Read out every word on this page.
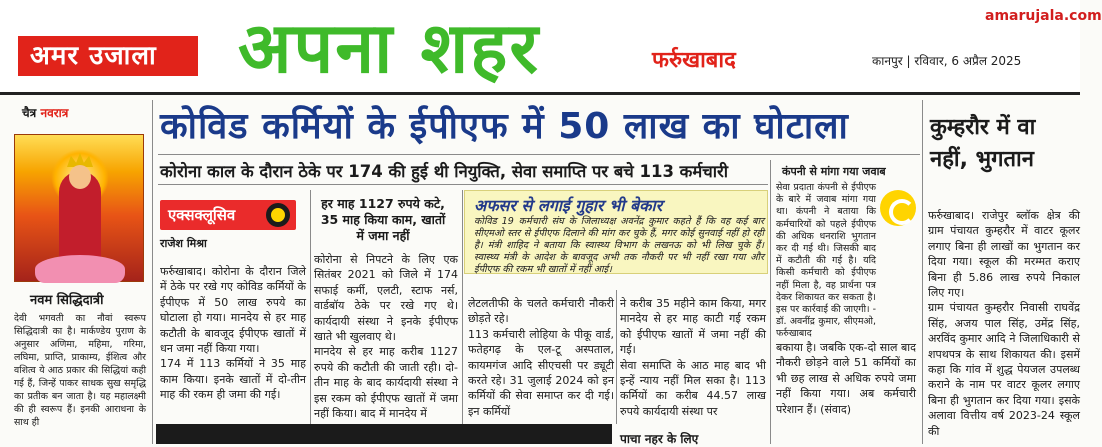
अमर उजाला	अपना शहर	फर्रुखाबाद
amarujala.com
कानपुर | रविवार, 6 अप्रैल 2025
चैत्र नवरात्र
नवम सिद्धिदात्री
देवी भगवती का नौवां स्वरूप सिद्धिदात्री का है। मार्कण्डेय पुराण के अनुसार अणिमा, महिमा, गरिमा, लघिमा, प्राप्ति, प्राकाम्य, ईशित्व और वशित्व ये आठ प्रकार की सिद्धियां कही गई हैं, जिन्हें पाकर साधक सुख समृद्धि का प्रतीक बन जाता है। यह महालक्ष्मी की ही स्वरूप हैं। इनकी आराधना के साथ ही
कोविड कर्मियों के ईपीएफ में 50 लाख का घोटाला
कोरोना काल के दौरान ठेके पर 174 की हुई थी नियुक्ति, सेवा समाप्ति पर बचे 113 कर्मचारी
एक्सक्लूसिव
राजेश मिश्रा
हर माह 1127 रुपये कटे, 35 माह किया काम, खातों में जमा नहीं
फर्रुखाबाद। कोरोना के दौरान जिले में ठेके पर रखे गए कोविड कर्मियों के ईपीएफ में 50 लाख रुपये का घोटाला हो गया। मानदेय से हर माह कटौती के बावजूद ईपीएफ खातों में धन जमा नहीं किया गया।
174 में 113 कर्मियों ने 35 माह काम किया। इनके खातों में दो-तीन माह की रकम ही जमा की गई।
कोरोना से निपटने के लिए एक सितंबर 2021 को जिले में 174 सफाई कर्मी, एलटी, स्टाफ नर्स, वार्डबॉय ठेके पर रखे गए थे। कार्यदायी संस्था ने इनके ईपीएफ खाते भी खुलवाए थे।
मानदेय से हर माह करीब 1127 रुपये की कटौती की जाती रही। दो-तीन माह के बाद कार्यदायी संस्था ने इस रकम को ईपीएफ खातों में जमा नहीं किया। बाद में मानदेय में
अफसर से लगाई गुहार भी बेकार
कोविड 19 कर्मचारी संघ के जिलाध्यक्ष अवनेंद्र कुमार कहते हैं कि वह कई बार सीएमओ स्तर से ईपीएफ दिलाने की मांग कर चुके हैं, मगर कोई सुनवाई नहीं हो रही है। मंत्री शाहिद ने बताया कि स्वास्थ्य विभाग के लखनऊ को भी लिख चुके हैं। स्वास्थ्य मंत्री के आदेश के बावजूद अभी तक नौकरी पर भी नहीं रखा गया और ईपीएफ की रकम भी खातों में नहीं आई।
लेटलतीफी के चलते कर्मचारी नौकरी छोड़ते रहे।
113 कर्मचारी लोहिया के पीकू वार्ड, फतेहगढ़ के एल-टू अस्पताल, कायमगंज आदि सीएचसी पर ड्यूटी करते रहे। 31 जुलाई 2024 को इन कर्मियों की सेवा समाप्त कर दी गई। इन कर्मियों
ने करीब 35 महीने काम किया, मगर मानदेय से हर माह काटी गई रकम को ईपीएफ खातों में जमा नहीं की गई।
सेवा समाप्ति के आठ माह बाद भी इन्हें न्याय नहीं मिल सका है। 113 कर्मियों का करीब 44.57 लाख रुपये कार्यदायी संस्था पर
कंपनी से मांगा गया जवाब
सेवा प्रदाता कंपनी से ईपीएफ के बारे में जवाब मांगा गया था। कंपनी ने बताया कि कर्मचारियों को पहले ईपीएफ की अधिक धनराशि भुगतान कर दी गई थी। जिसकी बाद में कटौती की गई है। यदि किसी कर्मचारी को ईपीएफ नहीं मिला है, वह प्रार्थना पत्र देकर शिकायत कर सकता है। इस पर कार्रवाई की जाएगी। - डॉ. अवनींद्र कुमार, सीएमओ, फर्रुखाबाद
बकाया है। जबकि एक-दो साल बाद नौकरी छोड़ने वाले 51 कर्मियों का भी छह लाख से अधिक रुपये जमा नहीं किया गया। अब कर्मचारी परेशान हैं। (संवाद)
कुम्हरौर में वा
नहीं, भुगतान
फर्रुखाबाद। राजेपुर ब्लॉक क्षेत्र की ग्राम पंचायत कुम्हरौर में वाटर कूलर लगाए बिना ही लाखों का भुगतान कर दिया गया। स्कूल की मरम्मत कराए बिना ही 5.86 लाख रुपये निकाल लिए गए।
ग्राम पंचायत कुम्हरौर निवासी राघवेंद्र सिंह, अजय पाल सिंह, उमेंद्र सिंह, अरविंद कुमार आदि ने जिलाधिकारी से शपथपत्र के साथ शिकायत की। इसमें कहा कि गांव में शुद्ध पेयजल उपलब्ध कराने के नाम पर वाटर कूलर लगाए बिना ही भुगतान कर दिया गया। इसके अलावा वित्तीय वर्ष 2023-24 स्कूल की
पाचा नहर के लिए
